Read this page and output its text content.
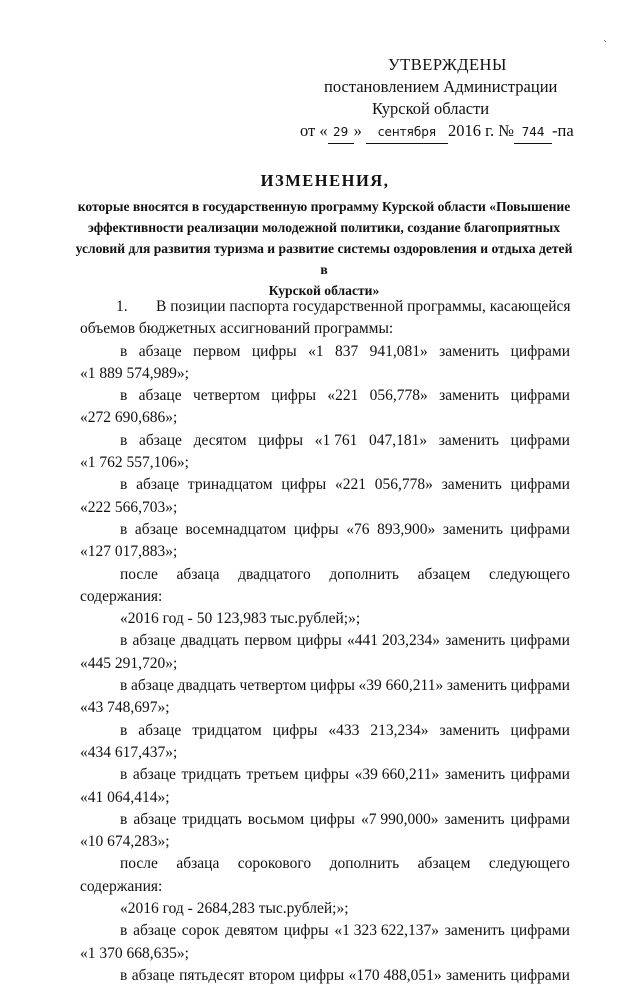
`
УТВЕРЖДЕНЫ
постановлением Администрации
Курской области
от « 29 » сентября 2016 г. № 744 -па
ИЗМЕНЕНИЯ,
которые вносятся в государственную программу Курской области «Повышение
эффективности реализации молодежной политики, создание благоприятных
условий для развития туризма и развитие системы оздоровления и отдыха детей в
Курской области»
1. В позиции паспорта государственной программы, касающейся
объемов бюджетных ассигнований программы:
в абзаце первом цифры «1 837 941,081» заменить цифрами
«1 889 574,989»;
в абзаце четвертом цифры «221 056,778» заменить цифрами
«272 690,686»;
в абзаце десятом цифры «1 761 047,181» заменить цифрами
«1 762 557,106»;
в абзаце тринадцатом цифры «221 056,778» заменить цифрами
«222 566,703»;
в абзаце восемнадцатом цифры «76 893,900» заменить цифрами
«127 017,883»;
после абзаца двадцатого дополнить абзацем следующего
содержания:
«2016 год - 50 123,983 тыс.рублей;»;
в абзаце двадцать первом цифры «441 203,234» заменить цифрами
«445 291,720»;
в абзаце двадцать четвертом цифры «39 660,211» заменить цифрами
«43 748,697»;
в абзаце тридцатом цифры «433 213,234» заменить цифрами
«434 617,437»;
в абзаце тридцать третьем цифры «39 660,211» заменить цифрами
«41 064,414»;
в абзаце тридцать восьмом цифры «7 990,000» заменить цифрами
«10 674,283»;
после абзаца сорокового дополнить абзацем следующего
содержания:
«2016 год - 2684,283 тыс.рублей;»;
в абзаце сорок девятом цифры «1 323 622,137» заменить цифрами
«1 370 668,635»;
в абзаце пятьдесят втором цифры «170 488,051» заменить цифрами
